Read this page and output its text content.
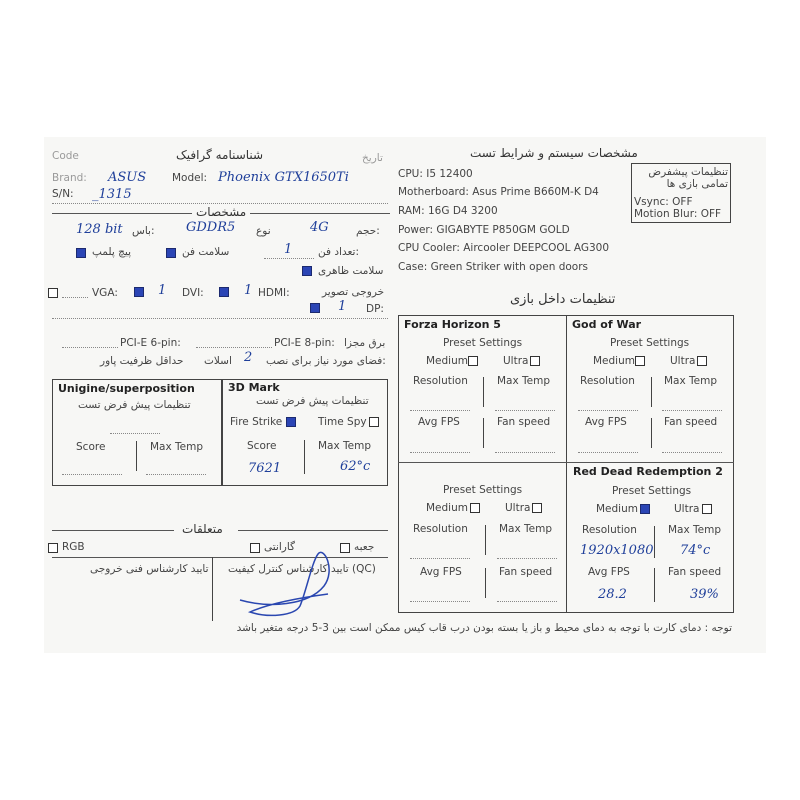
Code	شناسنامه گرافیک	تاریخ	مشخصات سیستم و شرایط تست
Brand: ASUS Model: Phoenix GTX1650Ti
S/N: _1315
مشخصات
128 bit باس: GDDR5 نوع	4G	حجم:
پیچ پلمپ	سلامت فن	1 تعداد فن:
سلامت ظاهری
VGA:	1 DVI:	1 HDMI:	خروجی تصویر
1 DP:
PCI-E 6-pin:	PCI-E 8-pin: برق مجزا
حداقل ظرفیت پاور اسلات 2 فضای مورد نیاز برای نصب:
Unigine/superposition
تنظیمات پیش فرض تست
Score	Max Temp
3D Mark
تنظیمات پیش فرض تست
Fire Strike	Time Spy
Score	Max Temp
7621	62°c
متعلقات
RGB	گارانتی	جعبه
تایید کارشناس فنی خروجی تایید کارشناس کنترل کیفیت (QC)
CPU: I5 12400
Motherboard: Asus Prime B660M-K D4
RAM: 16G D4 3200
Power: GIGABYTE P850GM GOLD
CPU Cooler: Aircooler DEEPCOOL AG300
Case: Green Striker with open doors
تنظیمات پیشفرض تمامی بازی ها
Vsync: OFF
Motion Blur: OFF
تنظیمات داخل بازی
Forza Horizon 5
Preset Settings
Medium	Ultra
Resolution	Max Temp
Avg FPS	Fan speed
God of War
Preset Settings
Medium	Ultra
Resolution	Max Temp
Avg FPS	Fan speed
Preset Settings
Medium	Ultra
Resolution	Max Temp
Avg FPS	Fan speed
Red Dead Redemption 2
Preset Settings
Medium	Ultra
Resolution	Max Temp
1920x1080 74°c
Avg FPS	Fan speed
28.2	39%
توجه : دمای کارت با توجه به دمای محیط و باز یا بسته بودن درب قاب کیس ممکن است بین 3-5 درجه متغیر باشد
